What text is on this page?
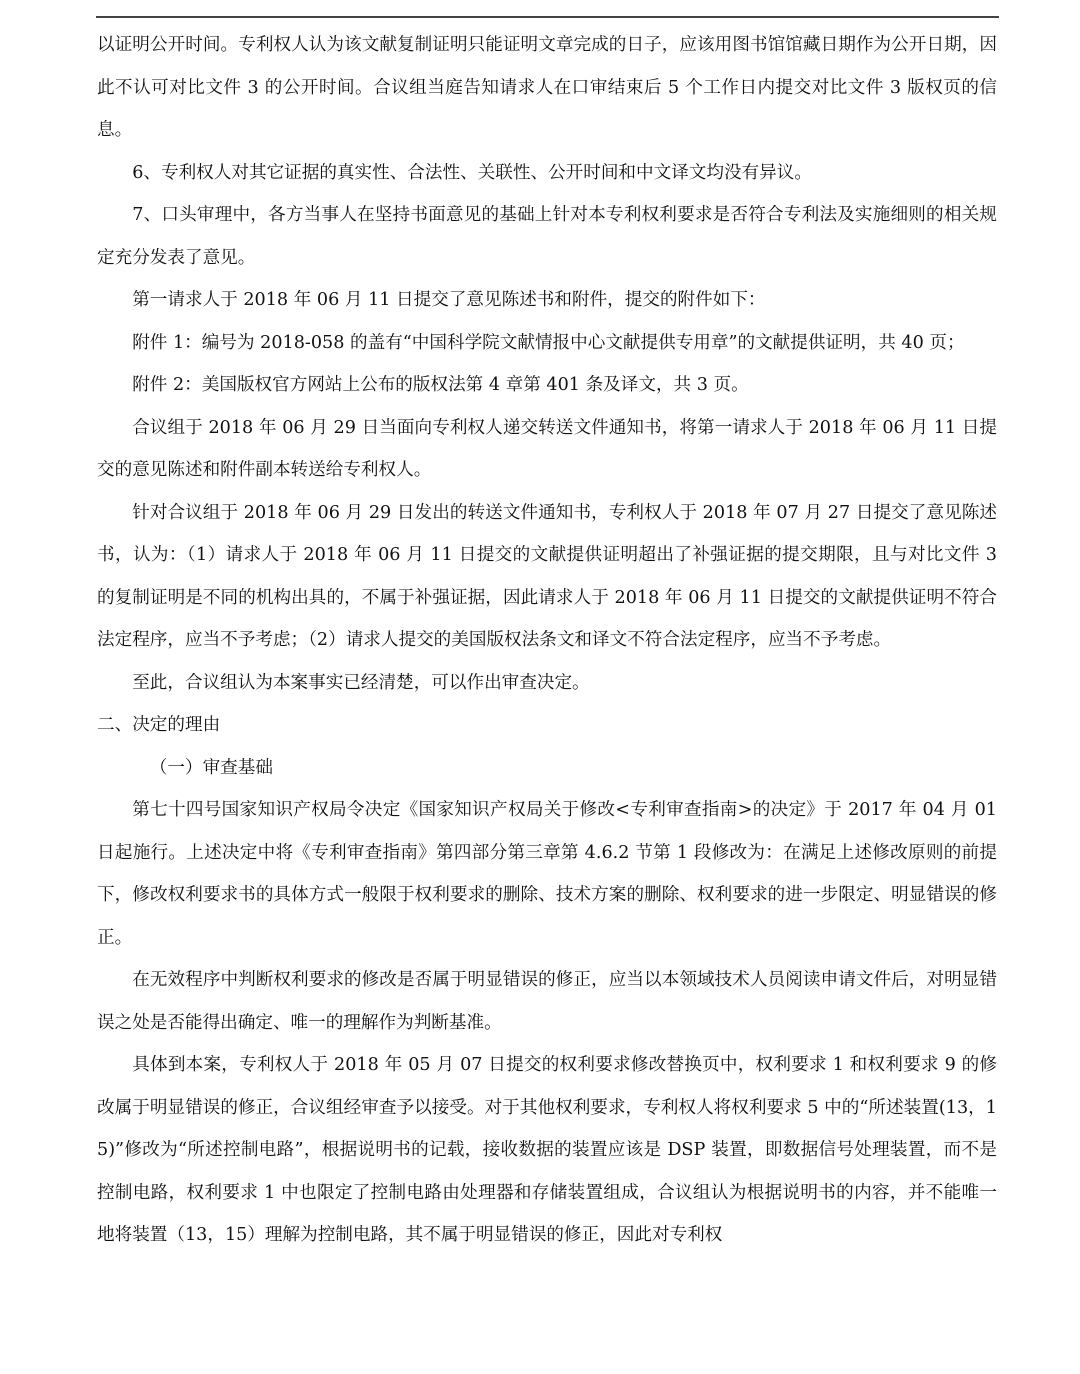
以证明公开时间。专利权人认为该文献复制证明只能证明文章完成的日子，应该用图书馆馆藏日期作为公开日期，因此不认可对比文件 3 的公开时间。合议组当庭告知请求人在口审结束后 5 个工作日内提交对比文件 3 版权页的信息。

6、专利权人对其它证据的真实性、合法性、关联性、公开时间和中文译文均没有异议。

7、口头审理中，各方当事人在坚持书面意见的基础上针对本专利权利要求是否符合专利法及实施细则的相关规定充分发表了意见。

第一请求人于 2018 年 06 月 11 日提交了意见陈述书和附件，提交的附件如下：

附件 1：编号为 2018-058 的盖有“中国科学院文献情报中心文献提供专用章”的文献提供证明，共 40 页；

附件 2：美国版权官方网站上公布的版权法第 4 章第 401 条及译文，共 3 页。

合议组于 2018 年 06 月 29 日当面向专利权人递交转送文件通知书，将第一请求人于 2018 年 06 月 11 日提交的意见陈述和附件副本转送给专利权人。

针对合议组于 2018 年 06 月 29 日发出的转送文件通知书，专利权人于 2018 年 07 月 27 日提交了意见陈述书，认为：（1）请求人于 2018 年 06 月 11 日提交的文献提供证明超出了补强证据的提交期限，且与对比文件 3 的复制证明是不同的机构出具的，不属于补强证据，因此请求人于 2018 年 06 月 11 日提交的文献提供证明不符合法定程序，应当不予考虑；（2）请求人提交的美国版权法条文和译文不符合法定程序，应当不予考虑。

至此，合议组认为本案事实已经清楚，可以作出审查决定。

二、决定的理由

（一）审查基础

第七十四号国家知识产权局令决定《国家知识产权局关于修改<专利审查指南>的决定》于 2017 年 04 月 01 日起施行。上述决定中将《专利审查指南》第四部分第三章第 4.6.2 节第 1 段修改为：在满足上述修改原则的前提下，修改权利要求书的具体方式一般限于权利要求的删除、技术方案的删除、权利要求的进一步限定、明显错误的修正。

在无效程序中判断权利要求的修改是否属于明显错误的修正，应当以本领域技术人员阅读申请文件后，对明显错误之处是否能得出确定、唯一的理解作为判断基准。

具体到本案，专利权人于 2018 年 05 月 07 日提交的权利要求修改替换页中，权利要求 1 和权利要求 9 的修改属于明显错误的修正，合议组经审查予以接受。对于其他权利要求，专利权人将权利要求 5 中的“所述装置(13，15)”修改为“所述控制电路”，根据说明书的记载，接收数据的装置应该是 DSP 装置，即数据信号处理装置，而不是控制电路，权利要求 1 中也限定了控制电路由处理器和存储装置组成，合议组认为根据说明书的内容，并不能唯一地将装置（13，15）理解为控制电路，其不属于明显错误的修正，因此对专利权
